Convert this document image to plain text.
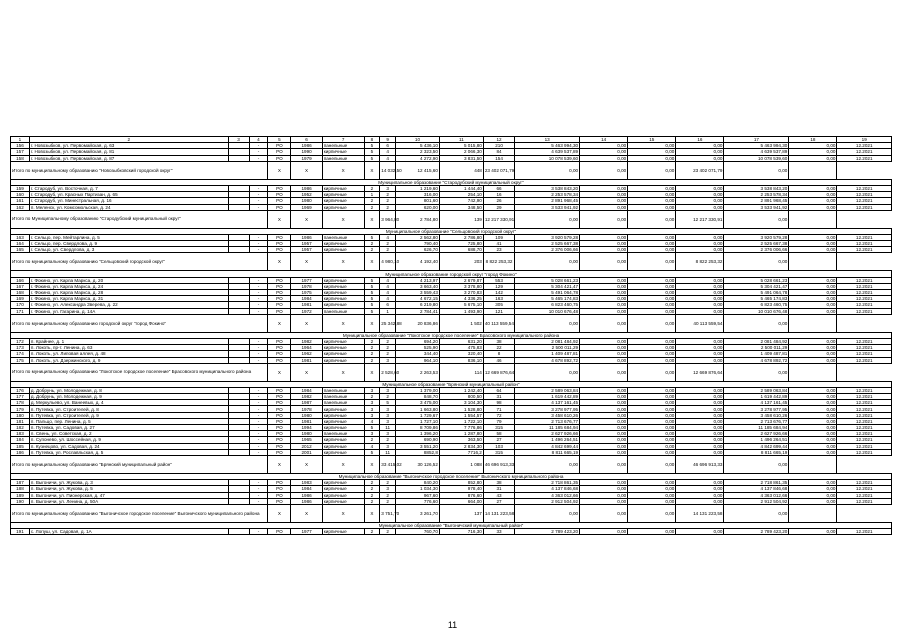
1	2	3	4	5	6	7	8	9	10	11	12	13	14	15	16	17	18	19
156	г. Новозыбков, ул. Первомайская, д. 63		-	РО	1986	панельные	5	6	5 436,10	5 015,80	210	5 463 994,30	0,00	0,00	0,00	5 463 994,30	0,00	12.2021
157	г. Новозыбков, ул. Первомайская, д. 81		-	РО	1990	кирпичные	5	4	2 323,50	2 066,30	84	4 639 537,89	0,00	0,00	0,00	4 639 537,89	0,00	12.2021
158	г. Новозыбков, ул. Первомайская, д. 87		-	РО	1979	панельные	5	4	4 272,90	3 831,50	154	10 078 539,60	0,00	0,00	0,00	10 078 539,60	0,00	12.2021
Итого по муниципальному образованию "Новозыбковский городской округ"				X	X	X	X	14 032,50	12 415,60	448	23 402 071,79	0,00	0,00	0,00	23 402 071,79	0,00		
Муниципальное образование "Стародубский муниципальный округ"																		
159	г. Стародуб, ул. Восточная, д. 7		-	РО	1986	кирпичные	2	3	1 219,60	1 444,40	66	3 538 843,20	0,00	0,00	0,00	3 538 843,20	0,00	12.2021
160	г. Стародуб, ул. Красных Партизан, д. 65		-	РО	1952	кирпичные	1	2	316,00	254,10	16	2 253 578,34	0,00	0,00	0,00	2 253 578,34	0,00	12.2021
161	г. Стародуб, ул. Минестральная, д. 16		-	РО	1980	кирпичные	2	2	801,60	742,90	26	2 891 968,45	0,00	0,00	0,00	2 891 968,45	0,00	12.2021
162	п. Меленск, ул. Комсомольская, д. 24		-	РО	1969	кирпичные	2	2	620,00	348,50	29	3 533 941,92	0,00	0,00	0,00	3 533 941,92	0,00	12.2021
Итого по Муниципальному образованию "Стародубский муниципальный округ"				X	X	X	X	3 964,80	2 784,80	139	12 217 330,91	0,00	0,00	0,00	12 217 330,91	0,00		
Муниципальное образование "Сельцовский городской округ"																		
163	г. Сельцо, пер. Мейтарлина, д. 5		-	РО	1986	панельные	5	4	2 562,80	2 786,80	109	3 920 579,28	0,00	0,00	0,00	3 920 579,28	0,00	12.2021
164	г. Сельцо, пер. Свердлова, д. 9		-	РО	1957	кирпичные	2	2	790,40	725,80	41	2 525 667,38	0,00	0,00	0,00	2 525 667,38	0,00	12.2021
165	г. Сельцо, ул. Свердлова, д. 3		-	РО	1957	кирпичные	2	2	626,70	688,70	23	2 376 006,66	0,00	0,00	0,00	2 376 006,66	0,00	12.2021
Итого по муниципальному образованию "Сельцовский городской округ"				X	X	X	X	4 980,10	4 192,40	203	8 822 253,32	0,00	0,00	0,00	8 822 253,32	0,00		
Муниципальное образование городской округ "город Фокино"																		
166	г. Фокино, ул. Карла Маркса, д. 20		-	РО	1977	кирпичные	5	4	4 213,97	2 679,87	553	5 028 661,23	0,00	0,00	0,00	5 028 661,23	0,00	12.2021
167	г. Фокино, ул. Карла Маркса, д. 24		-	РО	1978	кирпичные	5	4	3 663,40	3 378,80	129	5 304 421,47	0,00	0,00	0,00	5 304 421,47	0,00	12.2021
168	г. Фокино, ул. Карла Маркса, д. 28		-	РО	1975	кирпичные	5	4	3 559,43	3 270,83	142	5 491 064,78	0,00	0,00	0,00	5 491 064,78	0,00	12.2021
169	г. Фокино, ул. Карла Маркса, д. 31		-	РО	1984	кирпичные	5	4	4 672,15	4 336,25	163	5 465 174,83	0,00	0,00	0,00	5 465 174,83	0,00	12.2021
170	г. Фокино, ул. Александра Зверева, д. 22		-	РО	1981	кирпичные	5	6	6 219,80	5 675,10	305	6 823 460,75	0,00	0,00	0,00	6 823 460,75	0,00	12.2021
171	г. Фокино, ул. Гагарина, д. 14А		-	РО	1972	панельные	5	1	2 784,41	1 493,90	121	10 010 676,48	0,00	0,00	0,00	10 010 676,48	0,00	12.2021
Итого по муниципальному образованию городской округ "город Фокино"				X	X	X	X	25 342,88	20 836,86	1 502	40 113 559,54	0,00	0,00	0,00	40 113 559,54	0,00		
Муниципальное образование "Локотское городское поселение" Брасовского муниципального района																		
172	п. Крайнее, д. 1		-	РО	1982	кирпичные	2	2	694,20	631,20	38	2 081 484,92	0,00	0,00	0,00	2 081 484,92	0,00	12.2021
173	п. Локоть, пр-т. Ленина, д. 63		-	РО	1964	кирпичные	2	2	525,90	475,83	22	2 500 011,29	0,00	0,00	0,00	2 500 011,29	0,00	12.2021
174	п. Локоть, ул. Липовая аллея, д. 48		-	РО	1962	кирпичные	2	2	344,40	320,40	8	1 409 487,81	0,00	0,00	0,00	1 409 487,81	0,00	12.2021
175	п. Локоть, ул. Дзержинского, д. 9		-	РО	1981	кирпичные	2	3	964,10	836,10	46	4 678 892,72	0,00	0,00	0,00	4 678 892,72	0,00	12.2021
Итого по муниципальному образованию "Локотское городское поселение" Брасовского муниципального района				X	X	X	X	2 528,60	2 263,53	114	12 669 876,64	0,00	0,00	0,00	12 669 876,64	0,00		
Муниципальное образование "Брянский муниципальный район"																		
176	д. Добрунь, ул. Молодежная, д. 8		-	РО	1984	панельные	3	3	1 379,00	1 242,40	64	2 589 063,84	0,00	0,00	0,00	2 589 063,84	0,00	12.2021
177	д. Добрунь, ул. Молодежная, д. 9		-	РО	1982	панельные	2	2	848,70	800,50	31	1 619 442,89	0,00	0,00	0,00	1 619 442,89	0,00	12.2021
178	д. Меркульево, ул. Ванеевых, д. 4		-	РО	1987	панельные	3	5	3 475,00	3 104,30	98	4 137 161,45	0,00	0,00	0,00	4 137 161,45	0,00	12.2021
179	п. Путевка, ул. Строителей, д. 8		-	РО	1978	кирпичные	3	3	1 663,80	1 528,80	71	3 278 977,95	0,00	0,00	0,00	3 278 977,95	0,00	12.2021
180	п. Путевка, ул. Строителей, д. 9		-	РО	1980	кирпичные	3	3	1 729,67	1 554,57	72	3 458 610,26	0,00	0,00	0,00	3 458 610,26	0,00	12.2021
181	п. Пальцо, пер. Ленина, д. 5		-	РО	1981	кирпичные	4	3	1 727,10	1 722,10	79	2 713 676,77	0,00	0,00	0,00	2 713 676,77	0,00	12.2021
182	п. Путевка, ул. Садовая, д. 27		-	РО	1994	кирпичные	5	11	8 709,86	7 776,86	315	11 185 684,94	0,00	0,00	0,00	11 185 684,94	0,00	12.2021
183	п. Свень, ул. Советская, д. 2		-	РО	1980	панельные	3	3	1 396,20	1 287,80	58	2 627 926,66	0,00	0,00	0,00	2 627 926,66	0,00	12.2021
184	п. Супонево, ул. Шоссейная, д. 9		-	РО	1965	кирпичные	2	2	690,90	363,50	27	1 496 264,51	0,00	0,00	0,00	1 496 264,51	0,00	12.2021
185	п. Кузнецово, ул. Садовая, д. 24		-	РО	2012	кирпичные	4	3	3 551,20	2 834,30	103	4 842 699,44	0,00	0,00	0,00	4 842 699,44	0,00	12.2021
186	п. Путевка, ул. Рославльская, д. 5		-	РО	2001	кирпичные	5	11	8852,8	7716,2	315	8 811 665,19	0,00	0,00	0,00	8 811 665,19	0,00	12.2021
Итого по муниципальному образованию "Брянский муниципальный район"				X	X	X	X	33 415,02	30 126,52	1 088	46 696 913,33	0,00	0,00	0,00	46 696 913,33	0,00		
Муниципальное образование "Выгоничское городское поселение" Выгоничского муниципального района																		
187	п. Выгоничи, ул. Жукова, д. 3		-	РО	1983	кирпичные	2	2	840,20	852,80	38	2 718 861,35	0,00	0,00	0,00	2 718 861,35	0,00	12.2021
188	п. Выгоничи, ул. Жукова, д. 5		-	РО	1984	кирпичные	2	3	1 034,30	978,40	31	4 137 846,68	0,00	0,00	0,00	4 137 846,68	0,00	12.2021
189	п. Выгоничи, ул. Пионерская, д. 47		-	РО	1986	кирпичные	2	2	967,60	876,60	43	4 363 012,66	0,00	0,00	0,00	4 363 012,66	0,00	12.2021
190	п. Выгоничи, ул. Ленина, д. 50А		-	РО	1986	кирпичные	2	2	776,60	664,00	27	2 912 504,92	0,00	0,00	0,00	2 912 504,92	0,00	12.2021
Итого по муниципальному образованию "Выгоничское городское поселение" Выгоничского муниципального района				X	X	X	X	3 751,70	3 261,70	137	14 131 223,58	0,00	0,00	0,00	14 131 223,58	0,00		
Муниципальное образование "Выгоничский муниципальный район"																		
191	с. Лопуш, ул. Садовая, д. 1А		-	РО	1977	кирпичные	2	2	760,70	716,30	33	2 789 423,20	0,00	0,00	0,00	2 789 423,20	0,00	12.2021
11
